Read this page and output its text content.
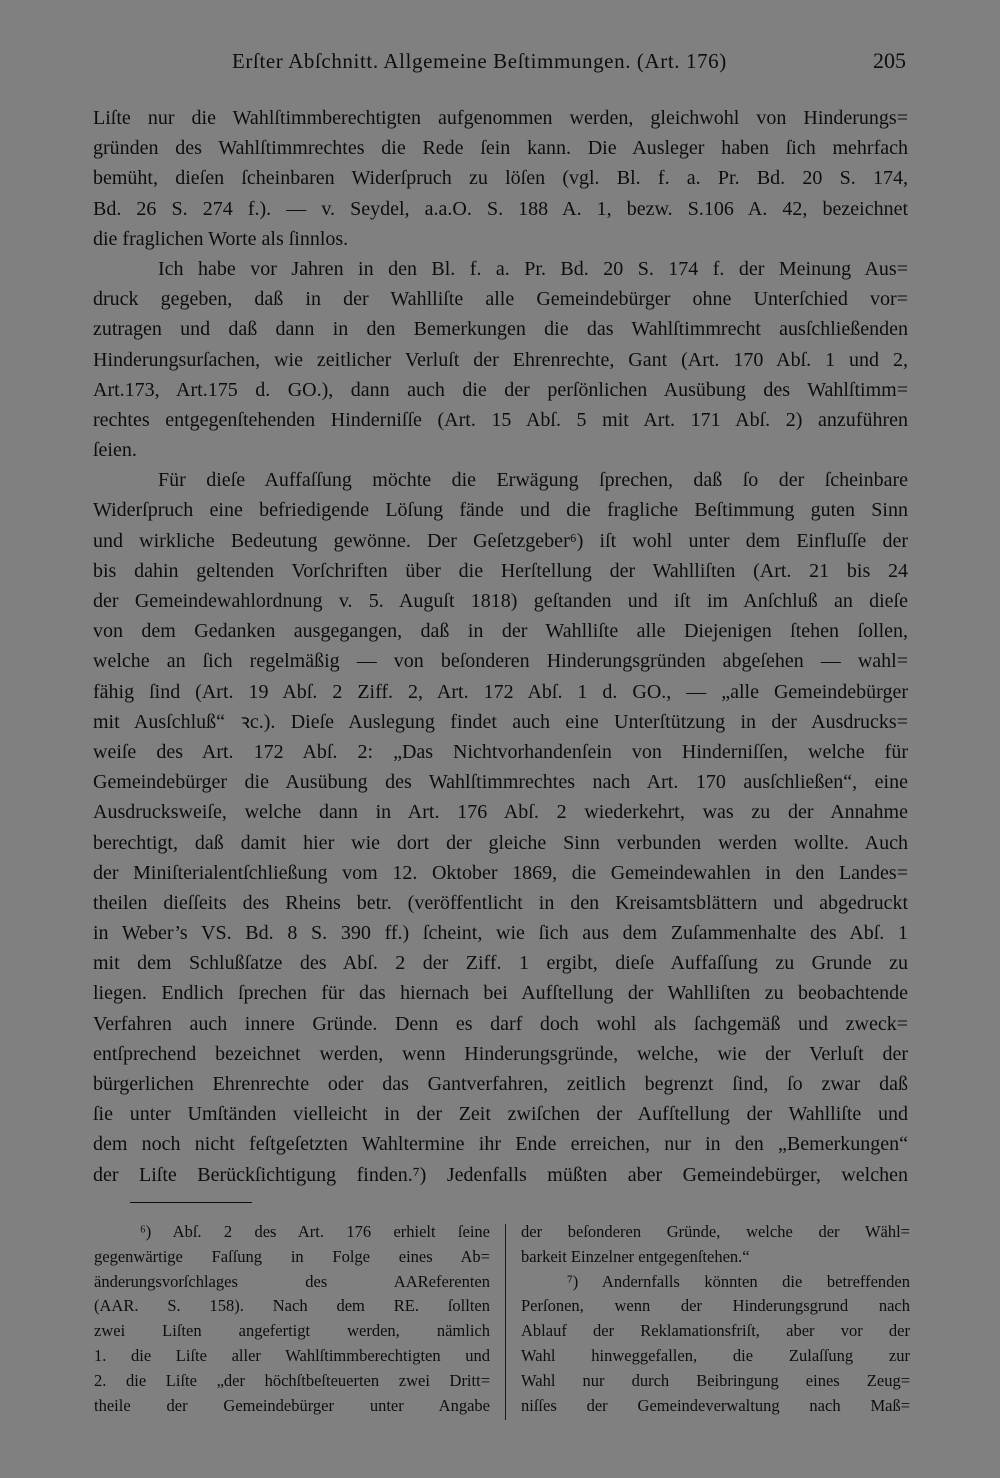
Erſter Abſchnitt. Allgemeine Beſtimmungen. (Art. 176)	205
Liſte nur die Wahlſtimmberechtigten aufgenommen werden, gleichwohl von Hinderungs=
gründen des Wahlſtimmrechtes die Rede ſein kann. Die Ausleger haben ſich mehrfach
bemüht, dieſen ſcheinbaren Widerſpruch zu löſen (vgl. Bl. f. a. Pr. Bd. 20 S. 174,
Bd. 26 S. 274 f.). — v. Seydel, a.a.O. S. 188 A. 1, bezw. S.106 A. 42, bezeichnet
die fraglichen Worte als ſinnlos.
Ich habe vor Jahren in den Bl. f. a. Pr. Bd. 20 S. 174 f. der Meinung Aus=
druck gegeben, daß in der Wahlliſte alle Gemeindebürger ohne Unterſchied vor=
zutragen und daß dann in den Bemerkungen die das Wahlſtimmrecht ausſchließenden
Hinderungsurſachen, wie zeitlicher Verluſt der Ehrenrechte, Gant (Art. 170 Abſ. 1 und 2,
Art.173, Art.175 d. GO.), dann auch die der perſönlichen Ausübung des Wahlſtimm=
rechtes entgegenſtehenden Hinderniſſe (Art. 15 Abſ. 5 mit Art. 171 Abſ. 2) anzuführen
ſeien.
Für dieſe Auffaſſung möchte die Erwägung ſprechen, daß ſo der ſcheinbare
Widerſpruch eine befriedigende Löſung fände und die fragliche Beſtimmung guten Sinn
und wirkliche Bedeutung gewönne. Der Geſetzgeber⁶) iſt wohl unter dem Einfluſſe der
bis dahin geltenden Vorſchriften über die Herſtellung der Wahlliſten (Art. 21 bis 24
der Gemeindewahlordnung v. 5. Auguſt 1818) geſtanden und iſt im Anſchluß an dieſe
von dem Gedanken ausgegangen, daß in der Wahlliſte alle Diejenigen ſtehen ſollen,
welche an ſich regelmäßig — von beſonderen Hinderungsgründen abgeſehen — wahl=
fähig ſind (Art. 19 Abſ. 2 Ziff. 2, Art. 172 Abſ. 1 d. GO., — „alle Gemeindebürger
mit Ausſchluß“ ꝛc.). Dieſe Auslegung findet auch eine Unterſtützung in der Ausdrucks=
weiſe des Art. 172 Abſ. 2: „Das Nichtvorhandenſein von Hinderniſſen, welche für
Gemeindebürger die Ausübung des Wahlſtimmrechtes nach Art. 170 ausſchließen“, eine
Ausdrucksweiſe, welche dann in Art. 176 Abſ. 2 wiederkehrt, was zu der Annahme
berechtigt, daß damit hier wie dort der gleiche Sinn verbunden werden wollte. Auch
der Miniſterialentſchließung vom 12. Oktober 1869, die Gemeindewahlen in den Landes=
theilen dieſſeits des Rheins betr. (veröffentlicht in den Kreisamtsblättern und abgedruckt
in Weber’s VS. Bd. 8 S. 390 ff.) ſcheint, wie ſich aus dem Zuſammenhalte des Abſ. 1
mit dem Schlußſatze des Abſ. 2 der Ziff. 1 ergibt, dieſe Auffaſſung zu Grunde zu
liegen. Endlich ſprechen für das hiernach bei Aufſtellung der Wahlliſten zu beobachtende
Verfahren auch innere Gründe. Denn es darf doch wohl als ſachgemäß und zweck=
entſprechend bezeichnet werden, wenn Hinderungsgründe, welche, wie der Verluſt der
bürgerlichen Ehrenrechte oder das Gantverfahren, zeitlich begrenzt ſind, ſo zwar daß
ſie unter Umſtänden vielleicht in der Zeit zwiſchen der Aufſtellung der Wahlliſte und
dem noch nicht feſtgeſetzten Wahltermine ihr Ende erreichen, nur in den „Bemerkungen“
der Liſte Berückſichtigung finden.⁷) Jedenfalls müßten aber Gemeindebürger, welchen
⁶) Abſ. 2 des Art. 176 erhielt ſeine
gegenwärtige Faſſung in Folge eines Ab=
änderungsvorſchlages des AAReferenten
(AAR. S. 158). Nach dem RE. ſollten
zwei Liſten angefertigt werden, nämlich
1. die Liſte aller Wahlſtimmberechtigten und
2. die Liſte „der höchſtbeſteuerten zwei Dritt=
theile der Gemeindebürger unter Angabe
der beſonderen Gründe, welche der Wähl=
barkeit Einzelner entgegenſtehen.“
⁷) Andernfalls könnten die betreffenden
Perſonen, wenn der Hinderungsgrund nach
Ablauf der Reklamationsfriſt, aber vor der
Wahl hinweggefallen, die Zulaſſung zur
Wahl nur durch Beibringung eines Zeug=
niſſes der Gemeindeverwaltung nach Maß=
